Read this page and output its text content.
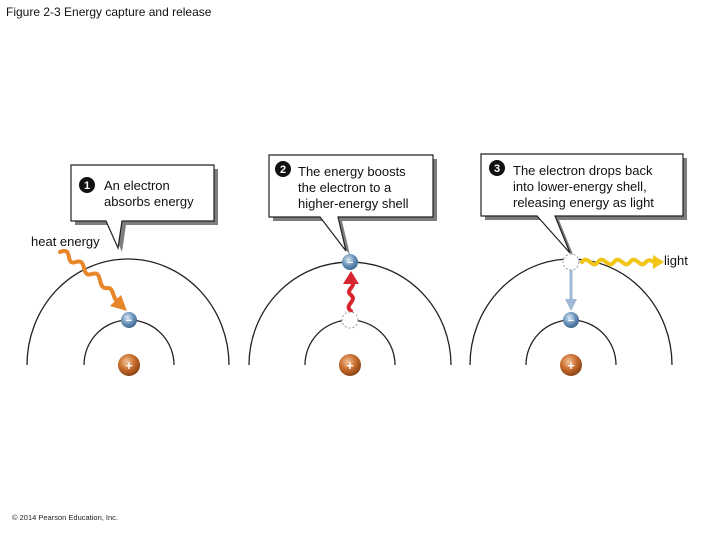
Figure 2-3 Energy capture and release
1
2	3
+	+	+
−
−
−
An electron
absorbs energy
The energy boosts
the electron to a
higher-energy shell
The electron drops back
into lower-energy shell,
releasing energy as light
heat energy
light
© 2014 Pearson Education, Inc.
